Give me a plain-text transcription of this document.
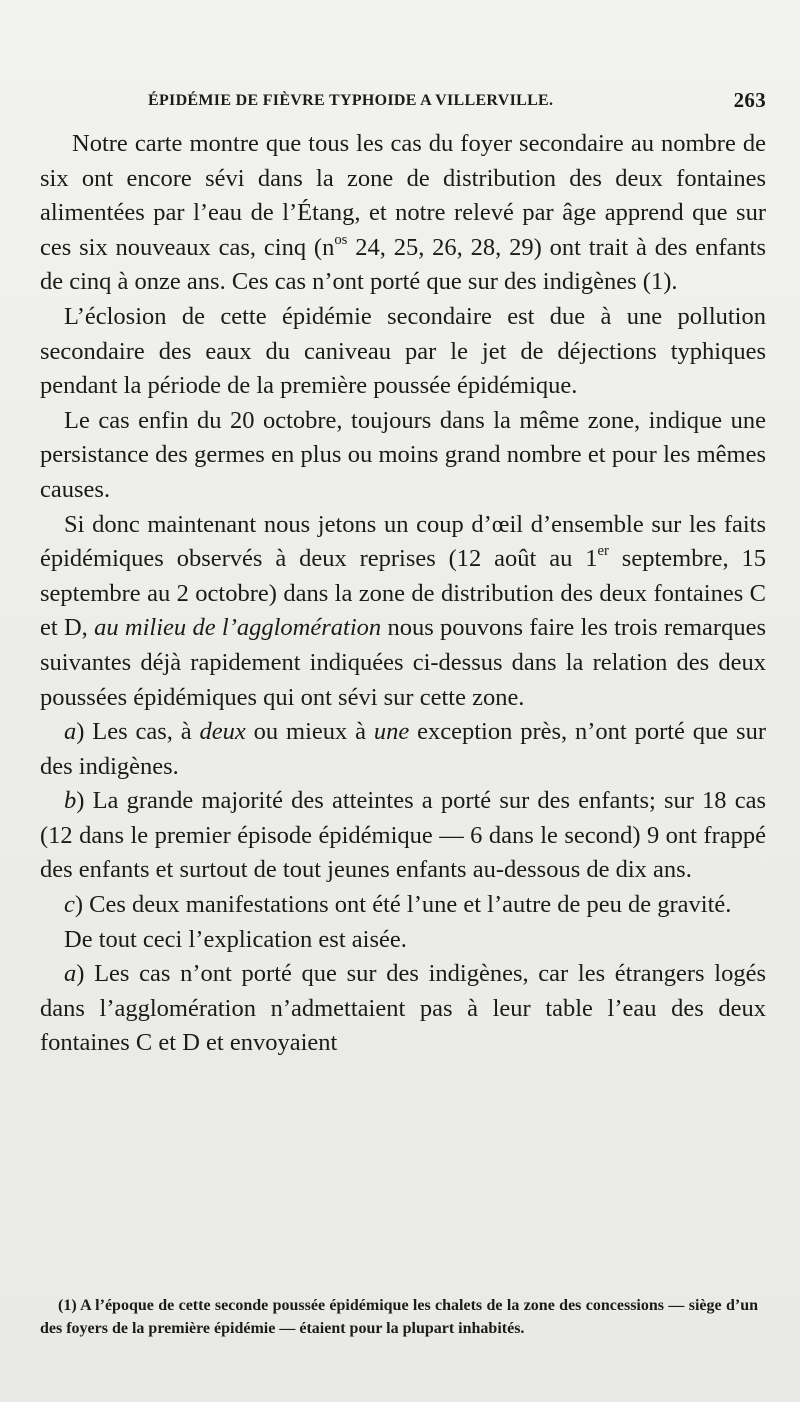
ÉPIDÉMIE DE FIÈVRE TYPHOIDE A VILLERVILLE.	263

Notre carte montre que tous les cas du foyer secondaire au nombre de six ont encore sévi dans la zone de distribution des deux fontaines alimentées par l’eau de l’Étang, et notre relevé par âge apprend que sur ces six nouveaux cas, cinq ($n^{os}$ 24, 25, 26, 28, 29) ont trait à des enfants de cinq à onze ans. Ces cas n’ont porté que sur des indigènes (1).

L’éclosion de cette épidémie secondaire est due à une pollution secondaire des eaux du caniveau par le jet de déjections typhiques pendant la période de la première poussée épidémique.

Le cas enfin du 20 octobre, toujours dans la même zone, indique une persistance des germes en plus ou moins grand nombre et pour les mêmes causes.

Si donc maintenant nous jetons un coup d’œil d’ensemble sur les faits épidémiques observés à deux reprises (12 août au 1er septembre, 15 septembre au 2 octobre) dans la zone de distribution des deux fontaines C et D, au milieu de l’agglomération nous pouvons faire les trois remarques suivantes déjà rapidement indiquées ci-dessus dans la relation des deux poussées épidémiques qui ont sévi sur cette zone.

a) Les cas, à deux ou mieux à une exception près, n’ont porté que sur des indigènes.

b) La grande majorité des atteintes a porté sur des enfants; sur 18 cas (12 dans le premier épisode épidémique — 6 dans le second) 9 ont frappé des enfants et surtout de tout jeunes enfants au-dessous de dix ans.

c) Ces deux manifestations ont été l’une et l’autre de peu de gravité.

De tout ceci l’explication est aisée.

a) Les cas n’ont porté que sur des indigènes, car les étrangers logés dans l’agglomération n’admettaient pas à leur table l’eau des deux fontaines C et D et envoyaient

(1) A l’époque de cette seconde poussée épidémique les chalets de la zone des concessions — siège d’un des foyers de la première épidémie — étaient pour la plupart inhabités.
